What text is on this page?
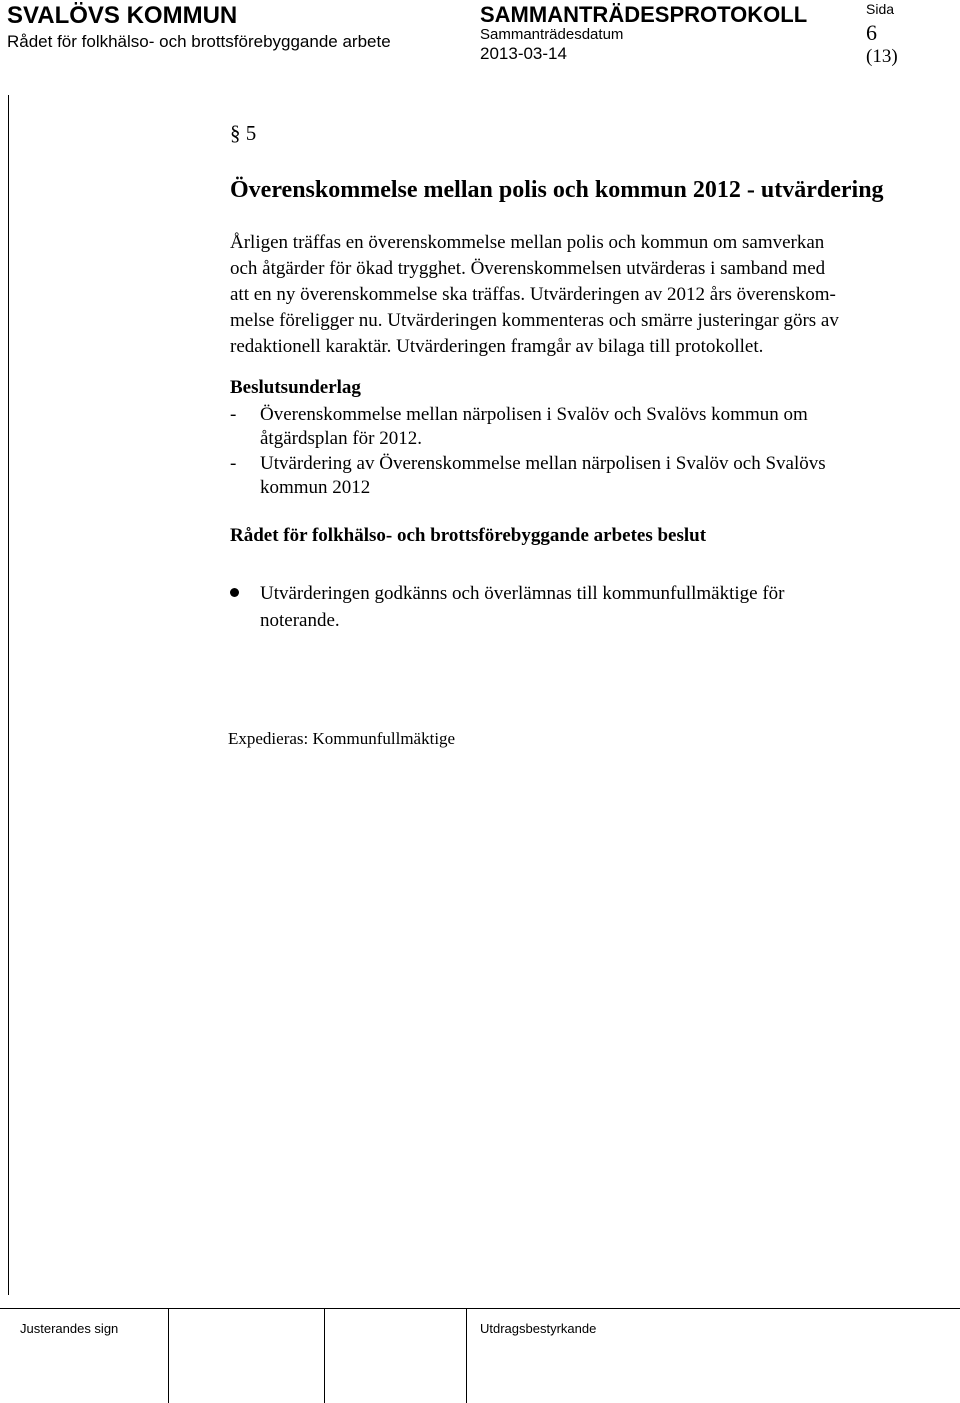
SVALÖVS KOMMUN
Rådet för folkhälso- och brottsförebyggande arbete
SAMMANTRÄDESPROTOKOLL
Sammanträdesdatum
2013-03-14
Sida
6
(13)
§ 5
Överenskommelse mellan polis och kommun 2012 - utvärdering

Årligen träffas en överenskommelse mellan polis och kommun om samverkan

och åtgärder för ökad trygghet. Överenskommelsen utvärderas i samband med

att en ny överenskommelse ska träffas. Utvärderingen av 2012 års överenskom-

melse föreligger nu. Utvärderingen kommenteras och smärre justeringar görs av

redaktionell karaktär. Utvärderingen framgår av bilaga till protokollet.

Beslutsunderlag
- Överenskommelse mellan närpolisen i Svalöv och Svalövs kommun om

åtgärdsplan för 2012.

- Utvärdering av Överenskommelse mellan närpolisen i Svalöv och Svalövs

kommun 2012

Rådet för folkhälso- och brottsförebyggande arbetes beslut

Utvärderingen godkänns och överlämnas till kommunfullmäktige för

noterande.

Expedieras: Kommunfullmäktige
Justerandes sign	Utdragsbestyrkande
